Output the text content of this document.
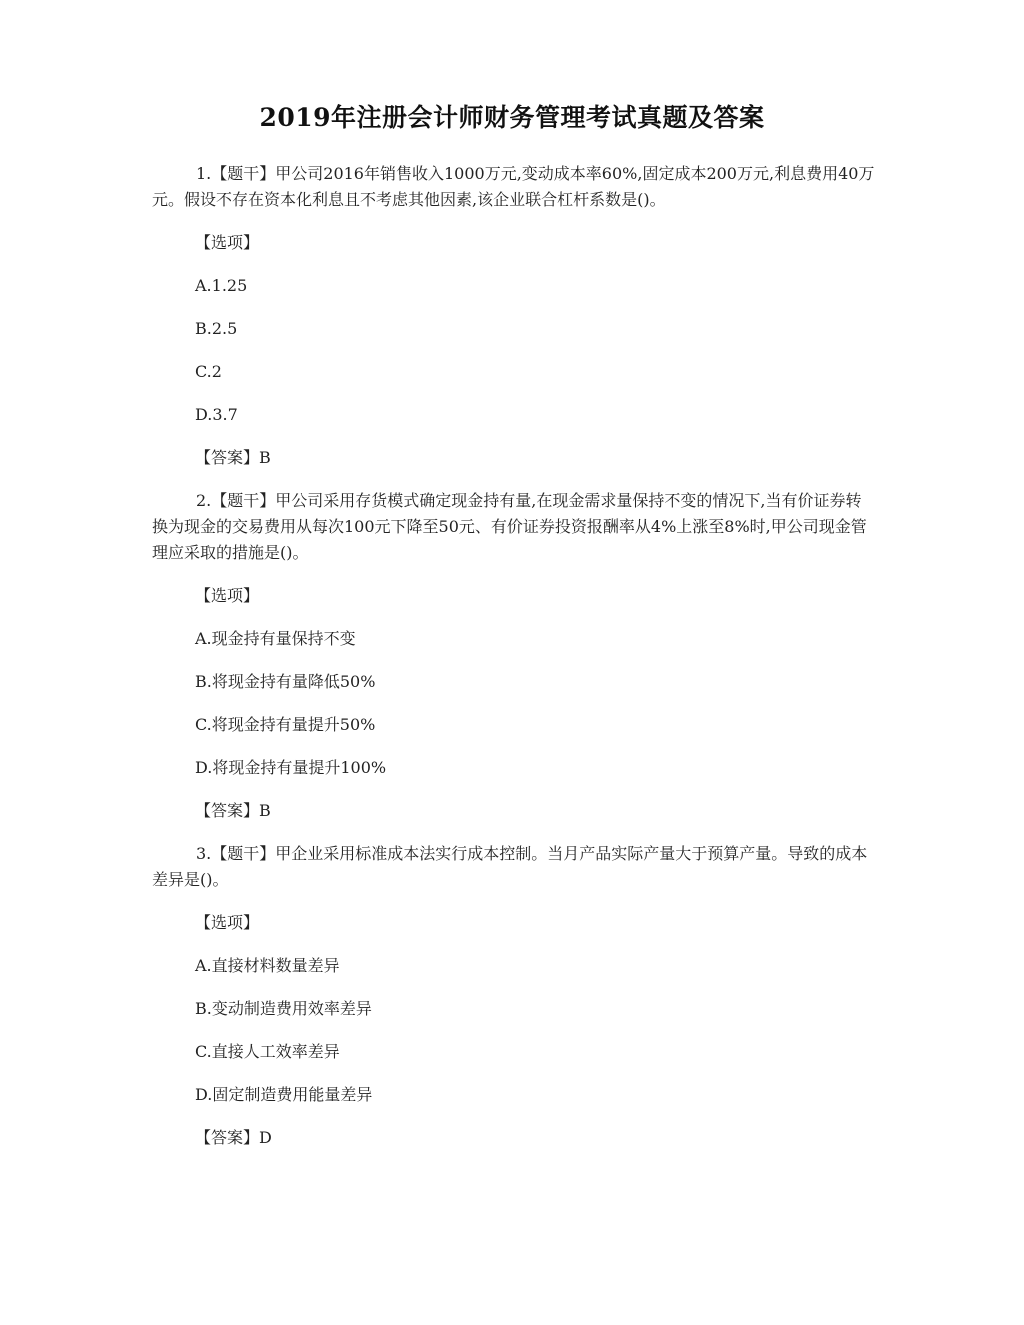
2019年注册会计师财务管理考试真题及答案
1.【题干】甲公司2016年销售收入1000万元,变动成本率60%,固定成本200万元,利息费用40万元。假设不存在资本化利息且不考虑其他因素,该企业联合杠杆系数是()。
【选项】
A.1.25
B.2.5
C.2
D.3.7
【答案】B
2.【题干】甲公司采用存货模式确定现金持有量,在现金需求量保持不变的情况下,当有价证券转换为现金的交易费用从每次100元下降至50元、有价证券投资报酬率从4%上涨至8%时,甲公司现金管理应采取的措施是()。
【选项】
A.现金持有量保持不变
B.将现金持有量降低50%
C.将现金持有量提升50%
D.将现金持有量提升100%
【答案】B
3.【题干】甲企业采用标准成本法实行成本控制。当月产品实际产量大于预算产量。导致的成本差异是()。
【选项】
A.直接材料数量差异
B.变动制造费用效率差异
C.直接人工效率差异
D.固定制造费用能量差异
【答案】D
